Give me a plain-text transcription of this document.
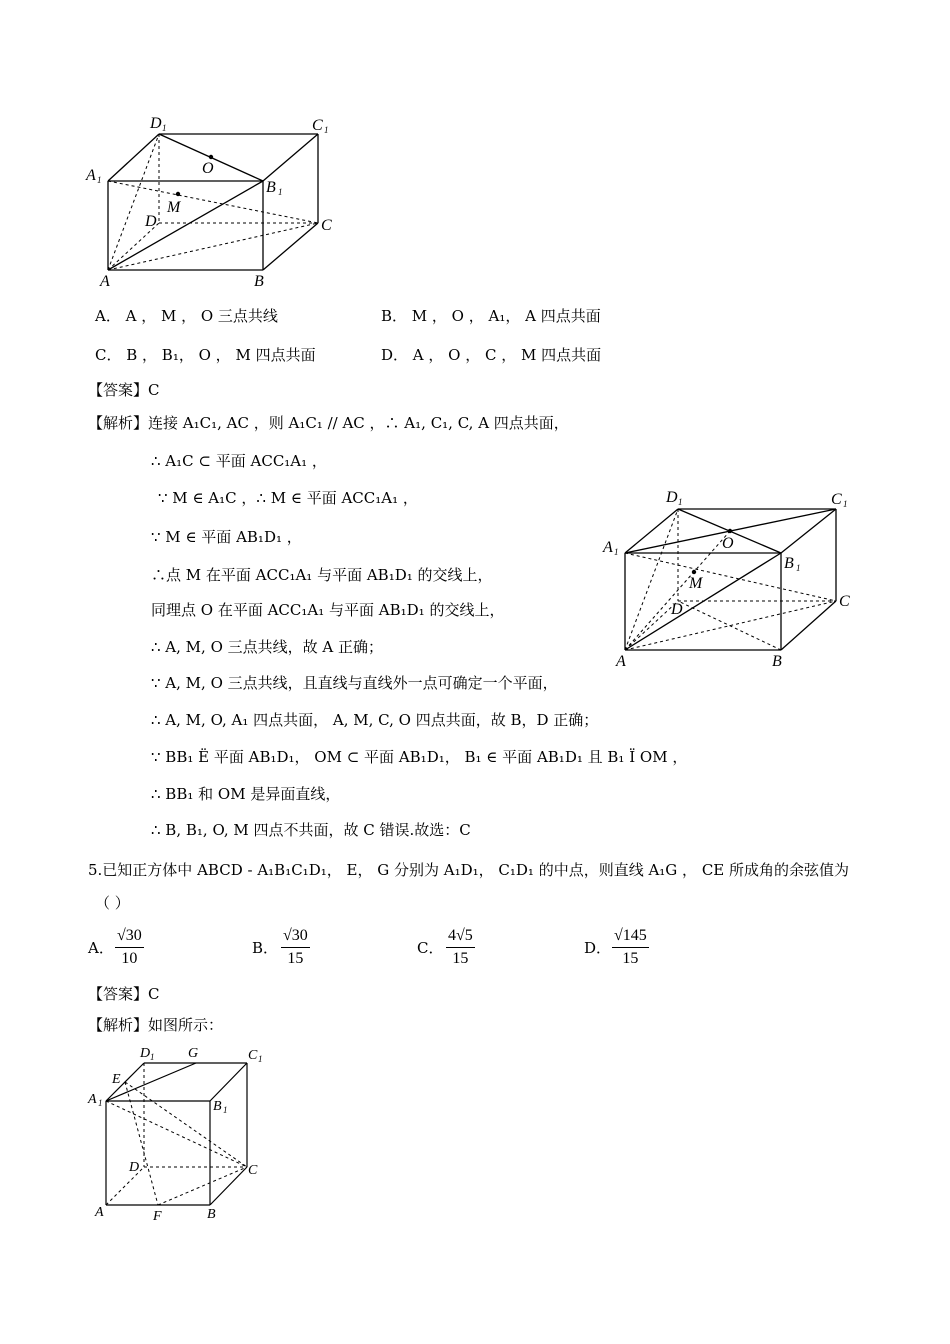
D 1	C 1
A 1	B 1
O
M
D	C
A	B
A． A ， M ， O 三点共线	B． M ， O ， A₁， A 四点共面
C． B ， B₁， O ， M 四点共面	D． A ， O ， C ， M 四点共面
【答案】C
【解析】连接 A₁C₁, AC ，则 A₁C₁ // AC ，∴ A₁, C₁, C, A 四点共面，
∴ A₁C ⊂ 平面 ACC₁A₁ ，
∵ M ∈ A₁C ，∴ M ∈ 平面 ACC₁A₁ ，
∵ M ∈ 平面 AB₁D₁ ，
∴点 M 在平面 ACC₁A₁ 与平面 AB₁D₁ 的交线上，
同理点 O 在平面 ACC₁A₁ 与平面 AB₁D₁ 的交线上，
∴ A, M, O 三点共线，故 A 正确；
∵ A, M, O 三点共线，且直线与直线外一点可确定一个平面，
∴ A, M, O, A₁ 四点共面， A, M, C, O 四点共面，故 B，D 正确；
∵ BB₁ Ë 平面 AB₁D₁， OM ⊂ 平面 AB₁D₁， B₁ ∈ 平面 AB₁D₁ 且 B₁ Ï OM ，
∴ BB₁ 和 OM 是异面直线，
∴ B, B₁, O, M 四点不共面，故 C 错误.故选：C
D 1	C 1
A 1
B 1
O
M
D	C
A	B
5.已知正方体中 ABCD - A₁B₁C₁D₁， E， G 分别为 A₁D₁， C₁D₁ 的中点，则直线 A₁G ， CE 所成角的余弦值为
（ ）
A． $\frac{√30}{10}$	B． $\frac{√30}{15}$	C． $\frac{4√5}{15}$	D． $\frac{√145}{15}$
【答案】C
【解析】如图所示：
D 1 G	C 1
E
A 1	B 1
D	C
A	F	B
